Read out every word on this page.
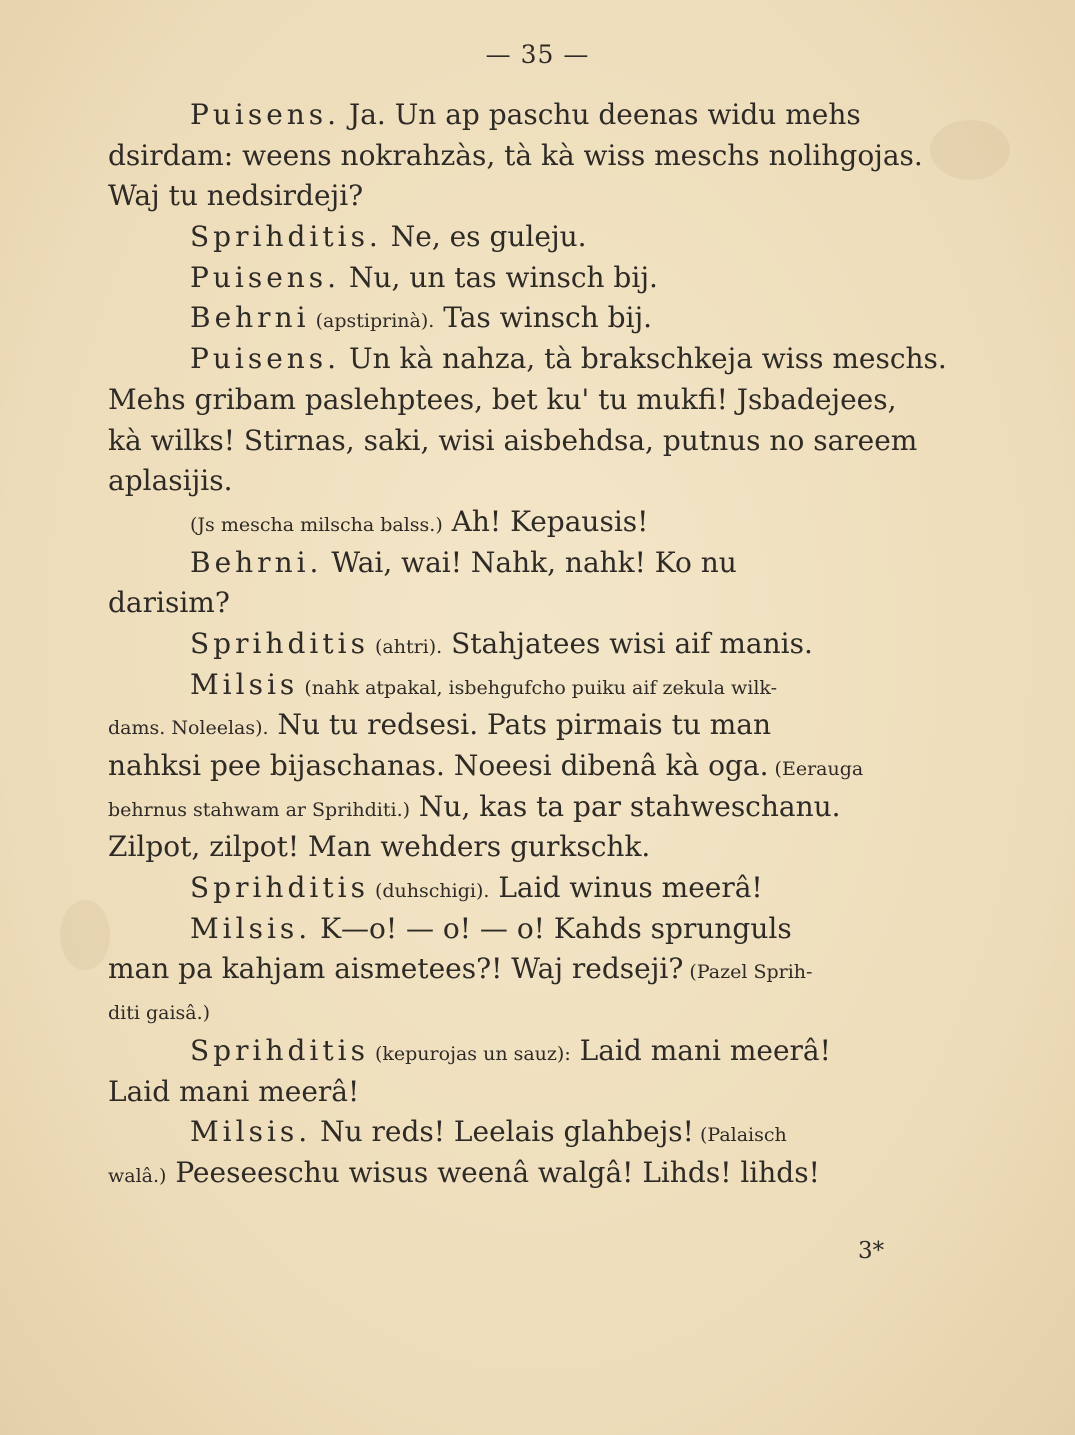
— 35 —
Puisens. Ja. Un ap paschu deenas widu mehs
dsirdam: weens nokrahzàs, tà kà wiss meschs nolihgojas.
Waj tu nedsirdeji?
Sprihditis. Ne, es guleju.
Puisens. Nu, un tas winsch bij.
Behrni (apstiprinà). Tas winsch bij.
Puisens. Un kà nahza, tà brakschkeja wiss meschs.
Mehs gribam paslehptees, bet ku' tu mukfi! Jsbadejees,
kà wilks! Stirnas, saki, wisi aisbehdsa, putnus no sareem
aplasijis.
(Js mescha milscha balss.) Ah! Kepausis!
Behrni. Wai, wai! Nahk, nahk! Ko nu
darisim?
Sprihditis (ahtri). Stahjatees wisi aif manis.
Milsis (nahk atpakal, isbehgufcho puiku aif zekula wilk-
dams. Noleelas). Nu tu redsesi. Pats pirmais tu man
nahksi pee bijaschanas. Noeesi dibenâ kà oga. (Eerauga
behrnus stahwam ar Sprihditi.) Nu, kas ta par stahweschanu.
Zilpot, zilpot! Man wehders gurkschk.
Sprihditis (duhschigi). Laid winus meerâ!
Milsis. K—o! — o! — o! Kahds sprunguls
man pa kahjam aismetees?! Waj redseji? (Pazel Sprih-
diti gaisâ.)
Sprihditis (kepurojas un sauz): Laid mani meerâ!
Laid mani meerâ!
Milsis. Nu reds! Leelais glahbejs! (Palaisch
walâ.) Peeseeschu wisus weenâ walgâ! Lihds! lihds!
3*
